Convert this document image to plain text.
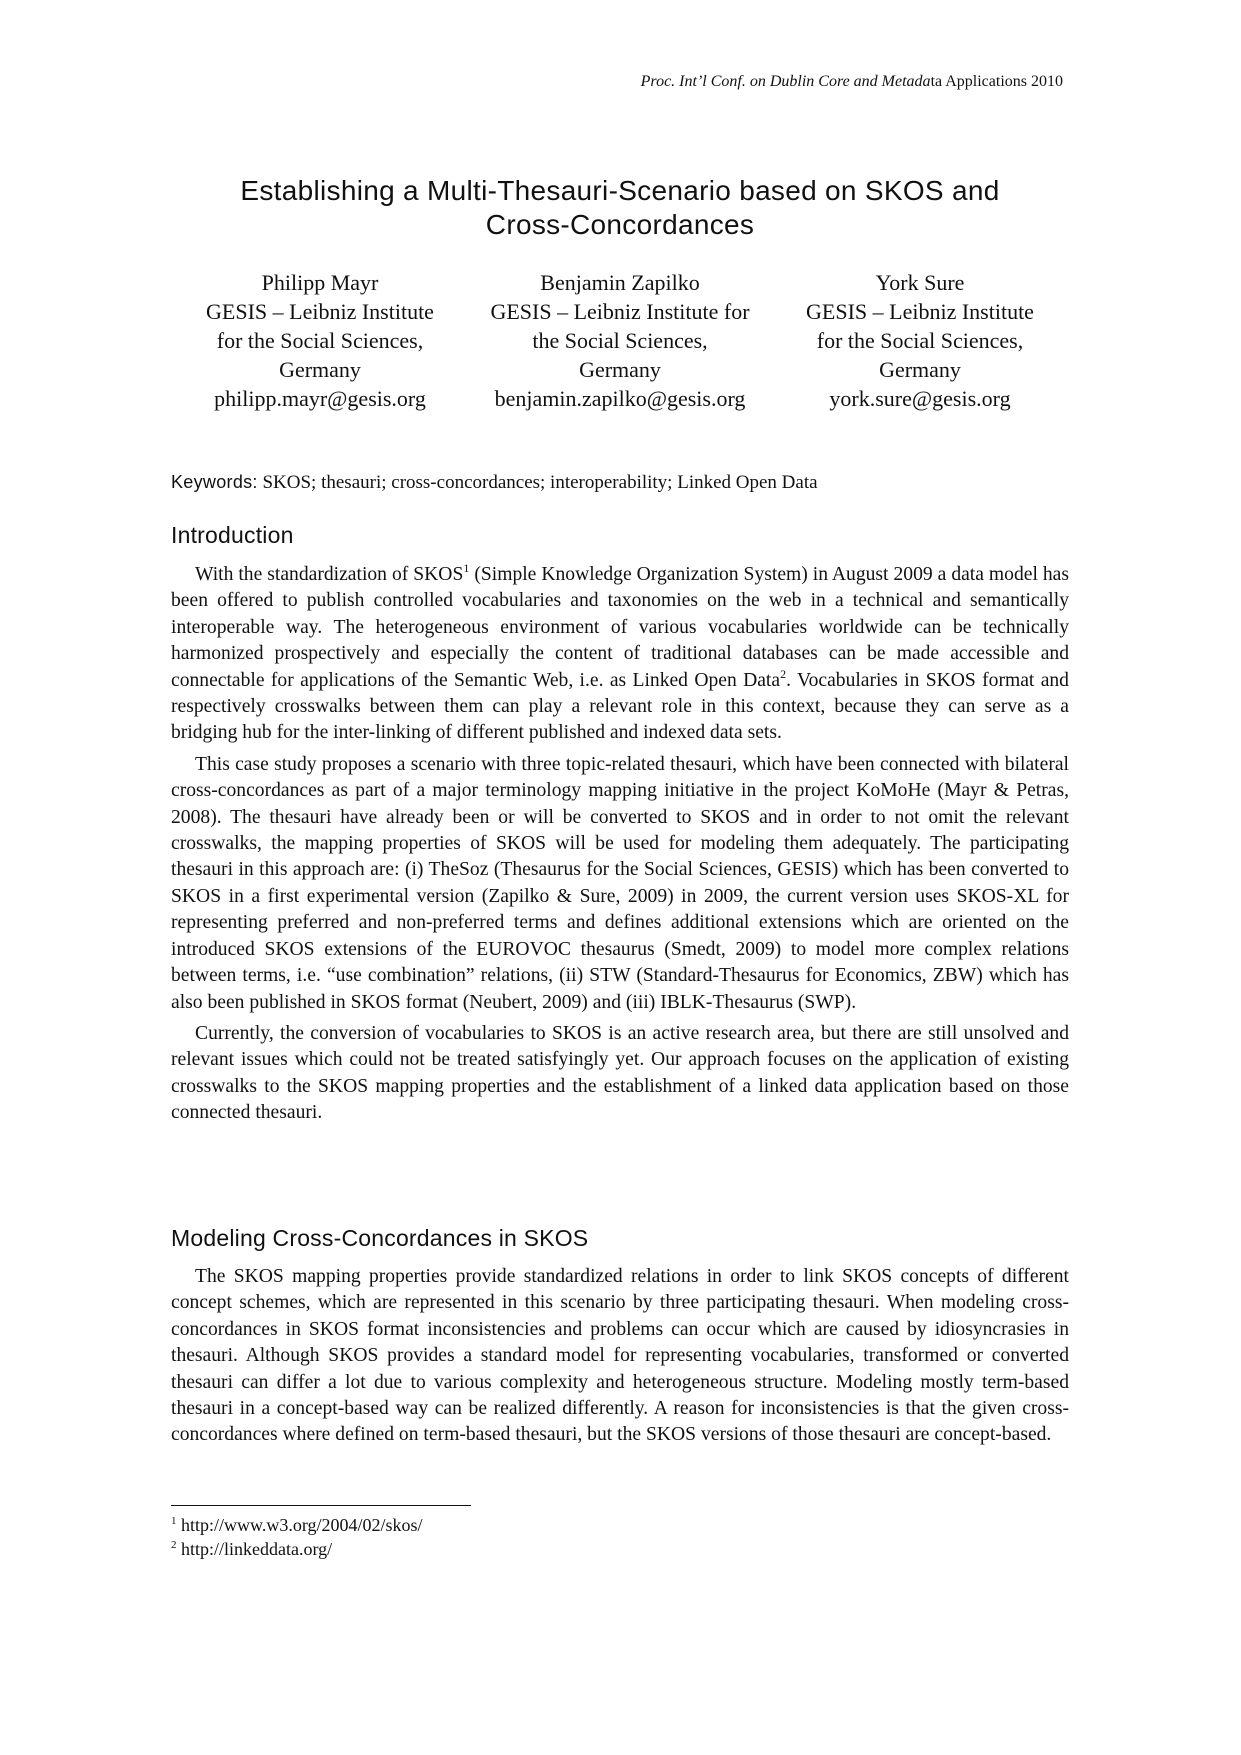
Proc. Int’l Conf. on Dublin Core and Metadata Applications 2010
Establishing a Multi-Thesauri-Scenario based on SKOS and
Cross-Concordances
Philipp Mayr
GESIS – Leibniz Institute
for the Social Sciences,
Germany
philipp.mayr@gesis.org
Benjamin Zapilko
GESIS – Leibniz Institute for
the Social Sciences,
Germany
benjamin.zapilko@gesis.org
York Sure
GESIS – Leibniz Institute
for the Social Sciences,
Germany
york.sure@gesis.org
Keywords: SKOS; thesauri; cross-concordances; interoperability; Linked Open Data
Introduction

With the standardization of SKOS$^1$ (Simple Knowledge Organization System) in August 2009 a data model has been offered to publish controlled vocabularies and taxonomies on the web in a technical and semantically interoperable way. The heterogeneous environment of various vocabularies worldwide can be technically harmonized prospectively and especially the content of traditional databases can be made accessible and connectable for applications of the Semantic Web, i.e. as Linked Open Data$^2$. Vocabularies in SKOS format and respectively crosswalks between them can play a relevant role in this context, because they can serve as a bridging hub for the inter-linking of different published and indexed data sets.

This case study proposes a scenario with three topic-related thesauri, which have been connected with bilateral cross-concordances as part of a major terminology mapping initiative in the project KoMoHe (Mayr & Petras, 2008). The thesauri have already been or will be converted to SKOS and in order to not omit the relevant crosswalks, the mapping properties of SKOS will be used for modeling them adequately. The participating thesauri in this approach are: (i) TheSoz (Thesaurus for the Social Sciences, GESIS) which has been converted to SKOS in a first experimental version (Zapilko & Sure, 2009) in 2009, the current version uses SKOS-XL for representing preferred and non-preferred terms and defines additional extensions which are oriented on the introduced SKOS extensions of the EUROVOC thesaurus (Smedt, 2009) to model more complex relations between terms, i.e. “use combination” relations, (ii) STW (Standard-Thesaurus for Economics, ZBW) which has also been published in SKOS format (Neubert, 2009) and (iii) IBLK-Thesaurus (SWP).

Currently, the conversion of vocabularies to SKOS is an active research area, but there are still unsolved and relevant issues which could not be treated satisfyingly yet. Our approach focuses on the application of existing crosswalks to the SKOS mapping properties and the establishment of a linked data application based on those connected thesauri.

Modeling Cross-Concordances in SKOS

The SKOS mapping properties provide standardized relations in order to link SKOS concepts of different concept schemes, which are represented in this scenario by three participating thesauri. When modeling cross-concordances in SKOS format inconsistencies and problems can occur which are caused by idiosyncrasies in thesauri. Although SKOS provides a standard model for representing vocabularies, transformed or converted thesauri can differ a lot due to various complexity and heterogeneous structure. Modeling mostly term-based thesauri in a concept-based way can be realized differently. A reason for inconsistencies is that the given cross-concordances where defined on term-based thesauri, but the SKOS versions of those thesauri are concept-based.

$^1$ http://www.w3.org/2004/02/skos/
$^2$ http://linkeddata.org/
